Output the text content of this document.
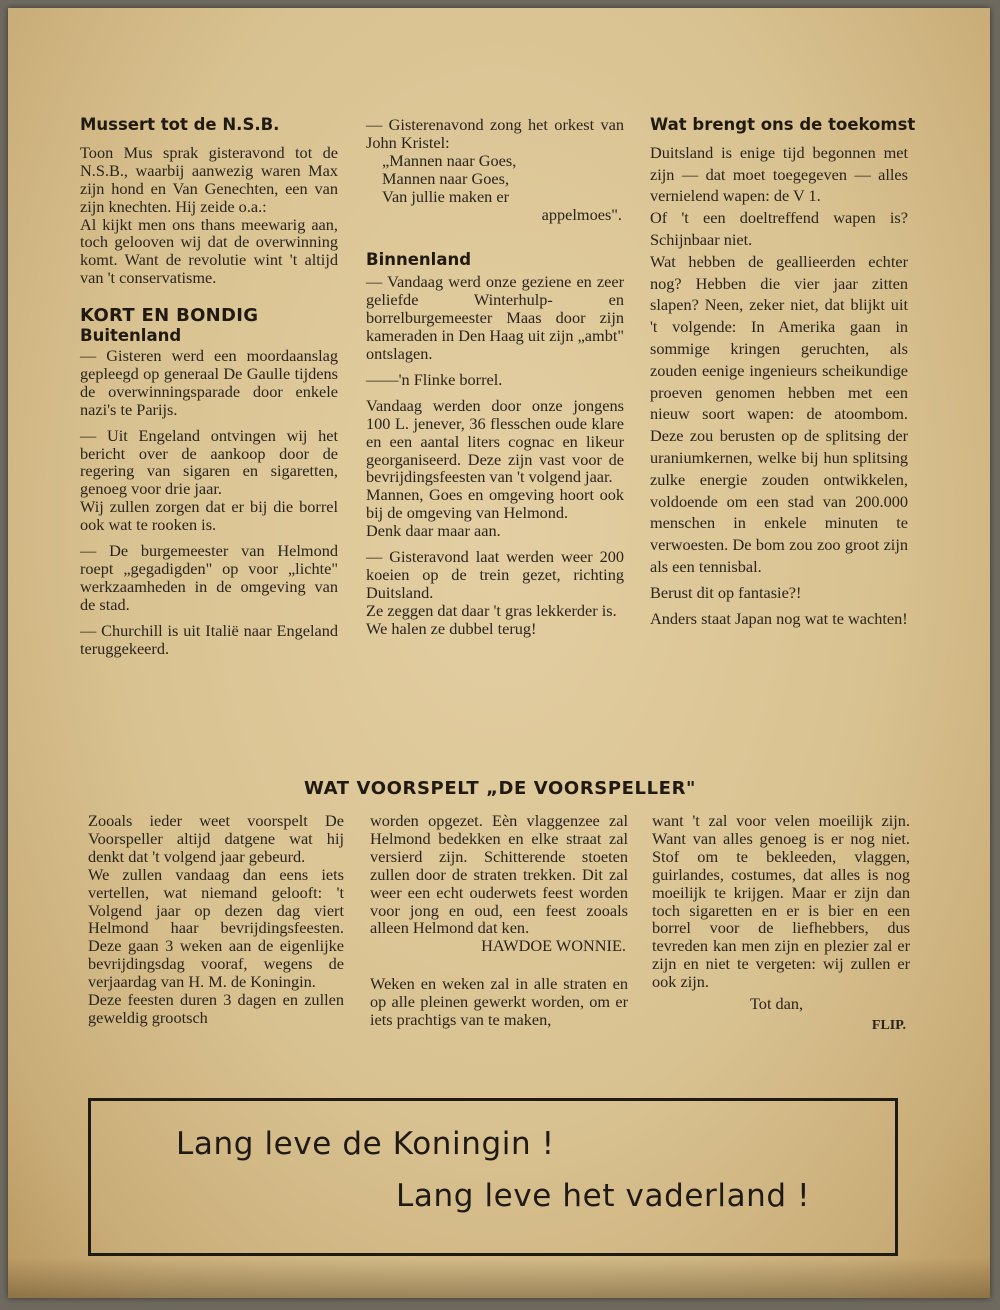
Mussert tot de N.S.B.

Toon Mus sprak gisteravond tot de N.S.B., waarbij aanwezig waren Max zijn hond en Van Genechten, een van zijn knechten. Hij zeide o.a.:

Al kijkt men ons thans meewarig aan, toch gelooven wij dat de overwinning komt. Want de revolutie wint 't altijd van 't conservatisme.

KORT EN BONDIG

Buitenland

— Gisteren werd een moordaanslag gepleegd op generaal De Gaulle tijdens de overwinningsparade door enkele nazi's te Parijs.

— Uit Engeland ontvingen wij het bericht over de aankoop door de regering van sigaren en sigaretten, genoeg voor drie jaar.

Wij zullen zorgen dat er bij die borrel ook wat te rooken is.

— De burgemeester van Helmond roept „gegadigden" op voor „lichte" werkzaamheden in de omgeving van de stad.

— Churchill is uit Italië naar Engeland teruggekeerd.

— Gisterenavond zong het orkest van John Kristel:

„Mannen naar Goes,
Mannen naar Goes,
Van jullie maken er
appelmoes".

Binnenland

— Vandaag werd onze geziene en zeer geliefde Winterhulp- en borrelburgemeester Maas door zijn kameraden in Den Haag uit zijn „ambt" ontslagen.

——'n Flinke borrel.

Vandaag werden door onze jongens 100 L. jenever, 36 flesschen oude klare en een aantal liters cognac en likeur georganiseerd. Deze zijn vast voor de bevrijdingsfeesten van 't volgend jaar.

Mannen, Goes en omgeving hoort ook bij de omgeving van Helmond.

Denk daar maar aan.

— Gisteravond laat werden weer 200 koeien op de trein gezet, richting Duitsland.

Ze zeggen dat daar 't gras lekkerder is.

We halen ze dubbel terug!

Wat brengt ons de toekomst

Duitsland is enige tijd begonnen met zijn — dat moet toegegeven — alles vernielend wapen: de V 1.

Of 't een doeltreffend wapen is? Schijnbaar niet.

Wat hebben de geallieerden echter nog? Hebben die vier jaar zitten slapen? Neen, zeker niet, dat blijkt uit 't volgende: In Amerika gaan in sommige kringen geruchten, als zouden eenige ingenieurs scheikundige proeven genomen hebben met een nieuw soort wapen: de atoombom. Deze zou berusten op de splitsing der uraniumkernen, welke bij hun splitsing zulke energie zouden ontwikkelen, voldoende om een stad van 200.000 menschen in enkele minuten te verwoesten. De bom zou zoo groot zijn als een tennisbal.

Berust dit op fantasie?!

Anders staat Japan nog wat te wachten!

WAT VOORSPELT „DE VOORSPELLER"

Zooals ieder weet voorspelt De Voorspeller altijd datgene wat hij denkt dat 't volgend jaar gebeurd.

We zullen vandaag dan eens iets vertellen, wat niemand gelooft: 't Volgend jaar op dezen dag viert Helmond haar bevrijdingsfeesten. Deze gaan 3 weken aan de eigenlijke bevrijdingsdag vooraf, wegens de verjaardag van H. M. de Koningin.

Deze feesten duren 3 dagen en zullen geweldig grootsch

worden opgezet. Eèn vlaggenzee zal Helmond bedekken en elke straat zal versierd zijn. Schitterende stoeten zullen door de straten trekken. Dit zal weer een echt ouderwets feest worden voor jong en oud, een feest zooals alleen Helmond dat ken.

HAWDOE WONNIE.

Weken en weken zal in alle straten en op alle pleinen gewerkt worden, om er iets prachtigs van te maken,

want 't zal voor velen moeilijk zijn. Want van alles genoeg is er nog niet. Stof om te bekleeden, vlaggen, guirlandes, costumes, dat alles is nog moeilijk te krijgen. Maar er zijn dan toch sigaretten en er is bier en een borrel voor de liefhebbers, dus tevreden kan men zijn en plezier zal er zijn en niet te vergeten: wij zullen er ook zijn.

Tot dan,

FLIP.

Lang leve de Koningin !
Lang leve het vaderland !
